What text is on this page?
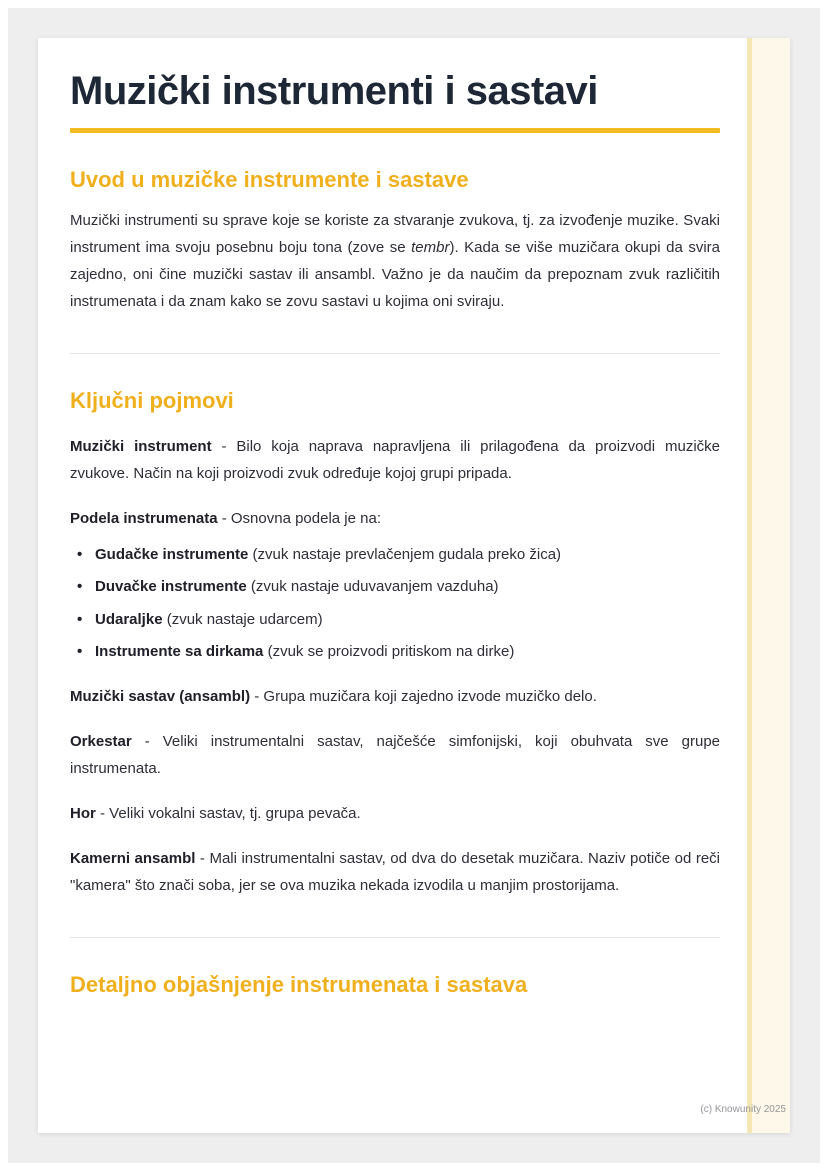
Muzički instrumenti i sastavi
Uvod u muzičke instrumente i sastave

Muzički instrumenti su sprave koje se koriste za stvaranje zvukova, tj. za izvođenje muzike. Svaki instrument ima svoju posebnu boju tona (zove se tembr). Kada se više muzičara okupi da svira zajedno, oni čine muzički sastav ili ansambl. Važno je da naučim da prepoznam zvuk različitih instrumenata i da znam kako se zovu sastavi u kojima oni sviraju.

Ključni pojmovi

Muzički instrument - Bilo koja naprava napravljena ili prilagođena da proizvodi muzičke zvukove. Način na koji proizvodi zvuk određuje kojoj grupi pripada.

Podela instrumenata - Osnovna podela je na:

• Gudačke instrumente (zvuk nastaje prevlačenjem gudala preko žica)
• Duvačke instrumente (zvuk nastaje uduvavanjem vazduha)
• Udaraljke (zvuk nastaje udarcem)
• Instrumente sa dirkama (zvuk se proizvodi pritiskom na dirke)

Muzički sastav (ansambl) - Grupa muzičara koji zajedno izvode muzičko delo.

Orkestar - Veliki instrumentalni sastav, najčešće simfonijski, koji obuhvata sve grupe instrumenata.

Hor - Veliki vokalni sastav, tj. grupa pevača.

Kamerni ansambl - Mali instrumentalni sastav, od dva do desetak muzičara. Naziv potiče od reči "kamera" što znači soba, jer se ova muzika nekada izvodila u manjim prostorijama.

Detaljno objašnjenje instrumenata i sastava
(c) Knowunity 2025
